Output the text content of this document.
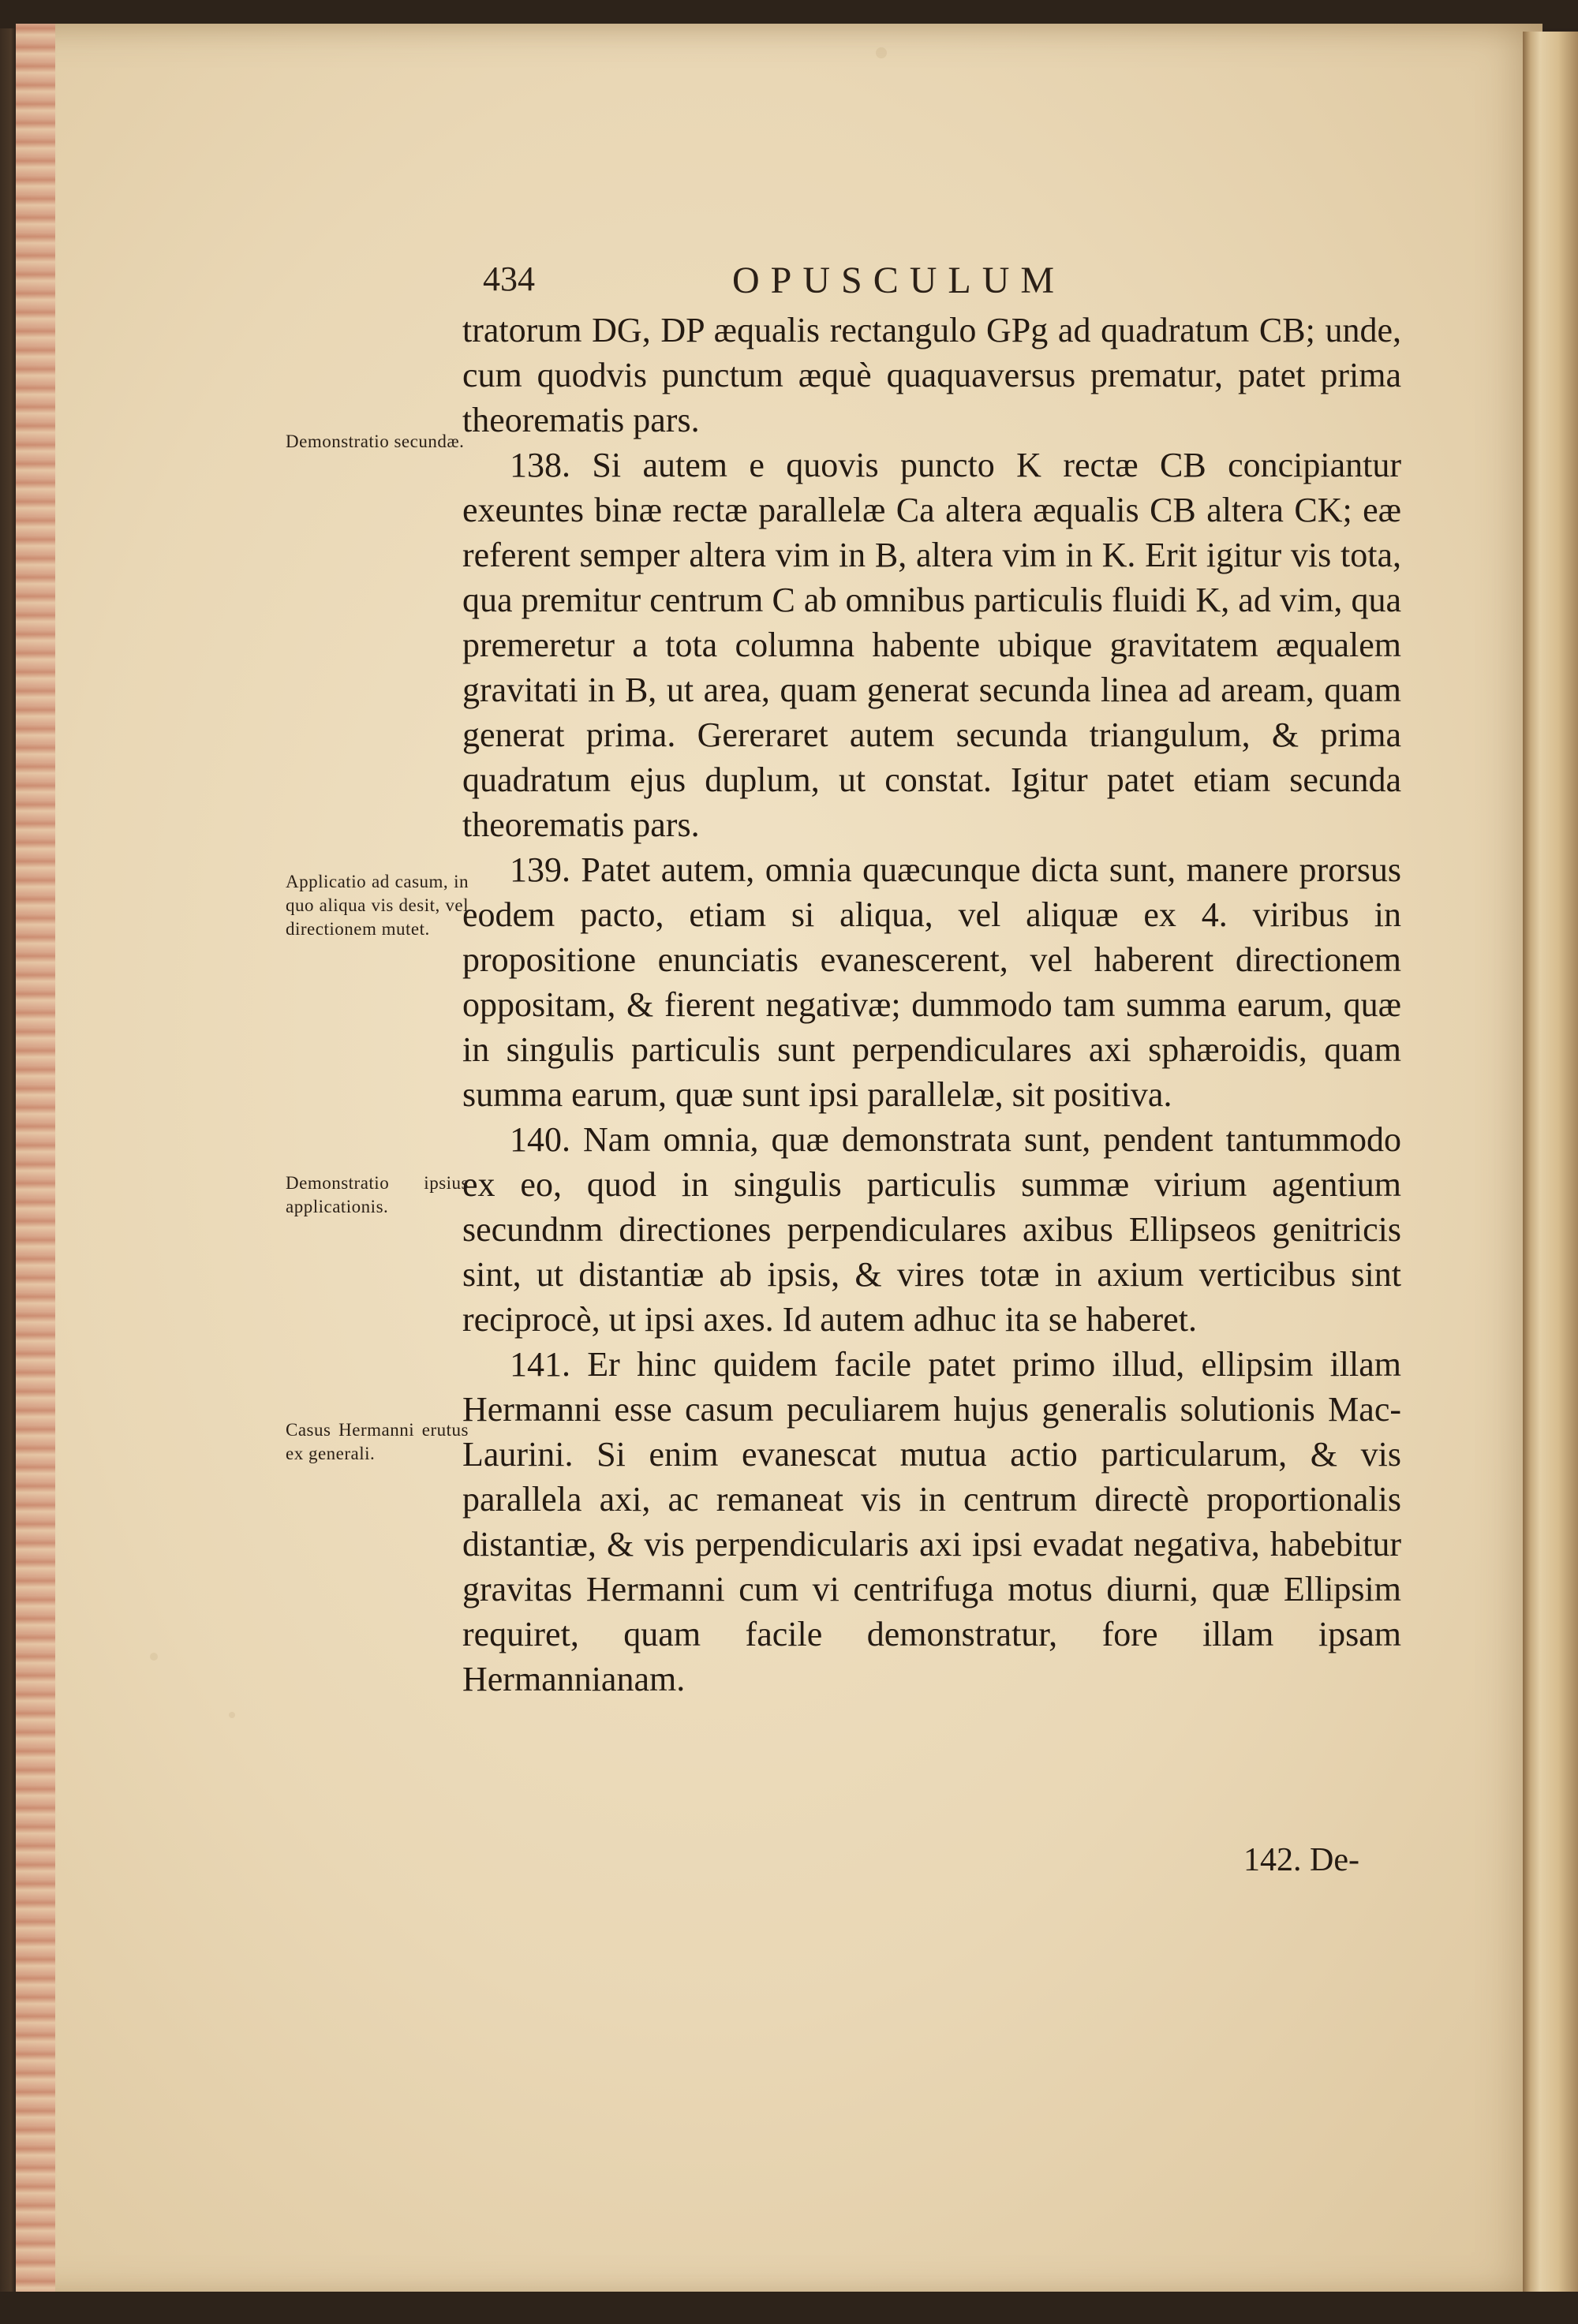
434	OPUSCULUM
Demonstratio secundæ.
Applicatio ad casum, in quo aliqua vis desit, vel directionem mutet.
Demonstratio ipsius applicationis.
Casus Hermanni erutus ex generali.

tratorum DG, DP æqualis rectangulo GPg ad quadratum CB; unde, cum quodvis punctum æquè quaquaversus prematur, patet prima theorematis pars.

138. Si autem e quovis puncto K rectæ CB concipiantur exeuntes binæ rectæ parallelæ Ca altera æqualis CB altera CK; eæ referent semper altera vim in B, altera vim in K. Erit igitur vis tota, qua premitur centrum C ab omnibus particulis fluidi K, ad vim, qua premeretur a tota columna habente ubique gravitatem æqualem gravitati in B, ut area, quam generat secunda linea ad aream, quam generat prima. Gereraret autem secunda triangulum, & prima quadratum ejus duplum, ut constat. Igitur patet etiam secunda theorematis pars.

139. Patet autem, omnia quæcunque dicta sunt, manere prorsus eodem pacto, etiam si aliqua, vel aliquæ ex 4. viribus in propositione enunciatis evanescerent, vel haberent directionem oppositam, & fierent negativæ; dummodo tam summa earum, quæ in singulis particulis sunt perpendiculares axi sphæroidis, quam summa earum, quæ sunt ipsi parallelæ, sit positiva.

140. Nam omnia, quæ demonstrata sunt, pendent tantummodo ex eo, quod in singulis particulis summæ virium agentium secundnm directiones perpendiculares axibus Ellipseos genitricis sint, ut distantiæ ab ipsis, & vires totæ in axium verticibus sint reciprocè, ut ipsi axes. Id autem adhuc ita se haberet.

141. Er hinc quidem facile patet primo illud, ellipsim illam Hermanni esse casum peculiarem hujus generalis solutionis Mac-Laurini. Si enim evanescat mutua actio particularum, & vis parallela axi, ac remaneat vis in centrum directè proportionalis distantiæ, & vis perpendicularis axi ipsi evadat negativa, habebitur gravitas Hermanni cum vi centrifuga motus diurni, quæ Ellipsim requiret, quam facile demonstratur, fore illam ipsam Hermannianam.

142. De-
